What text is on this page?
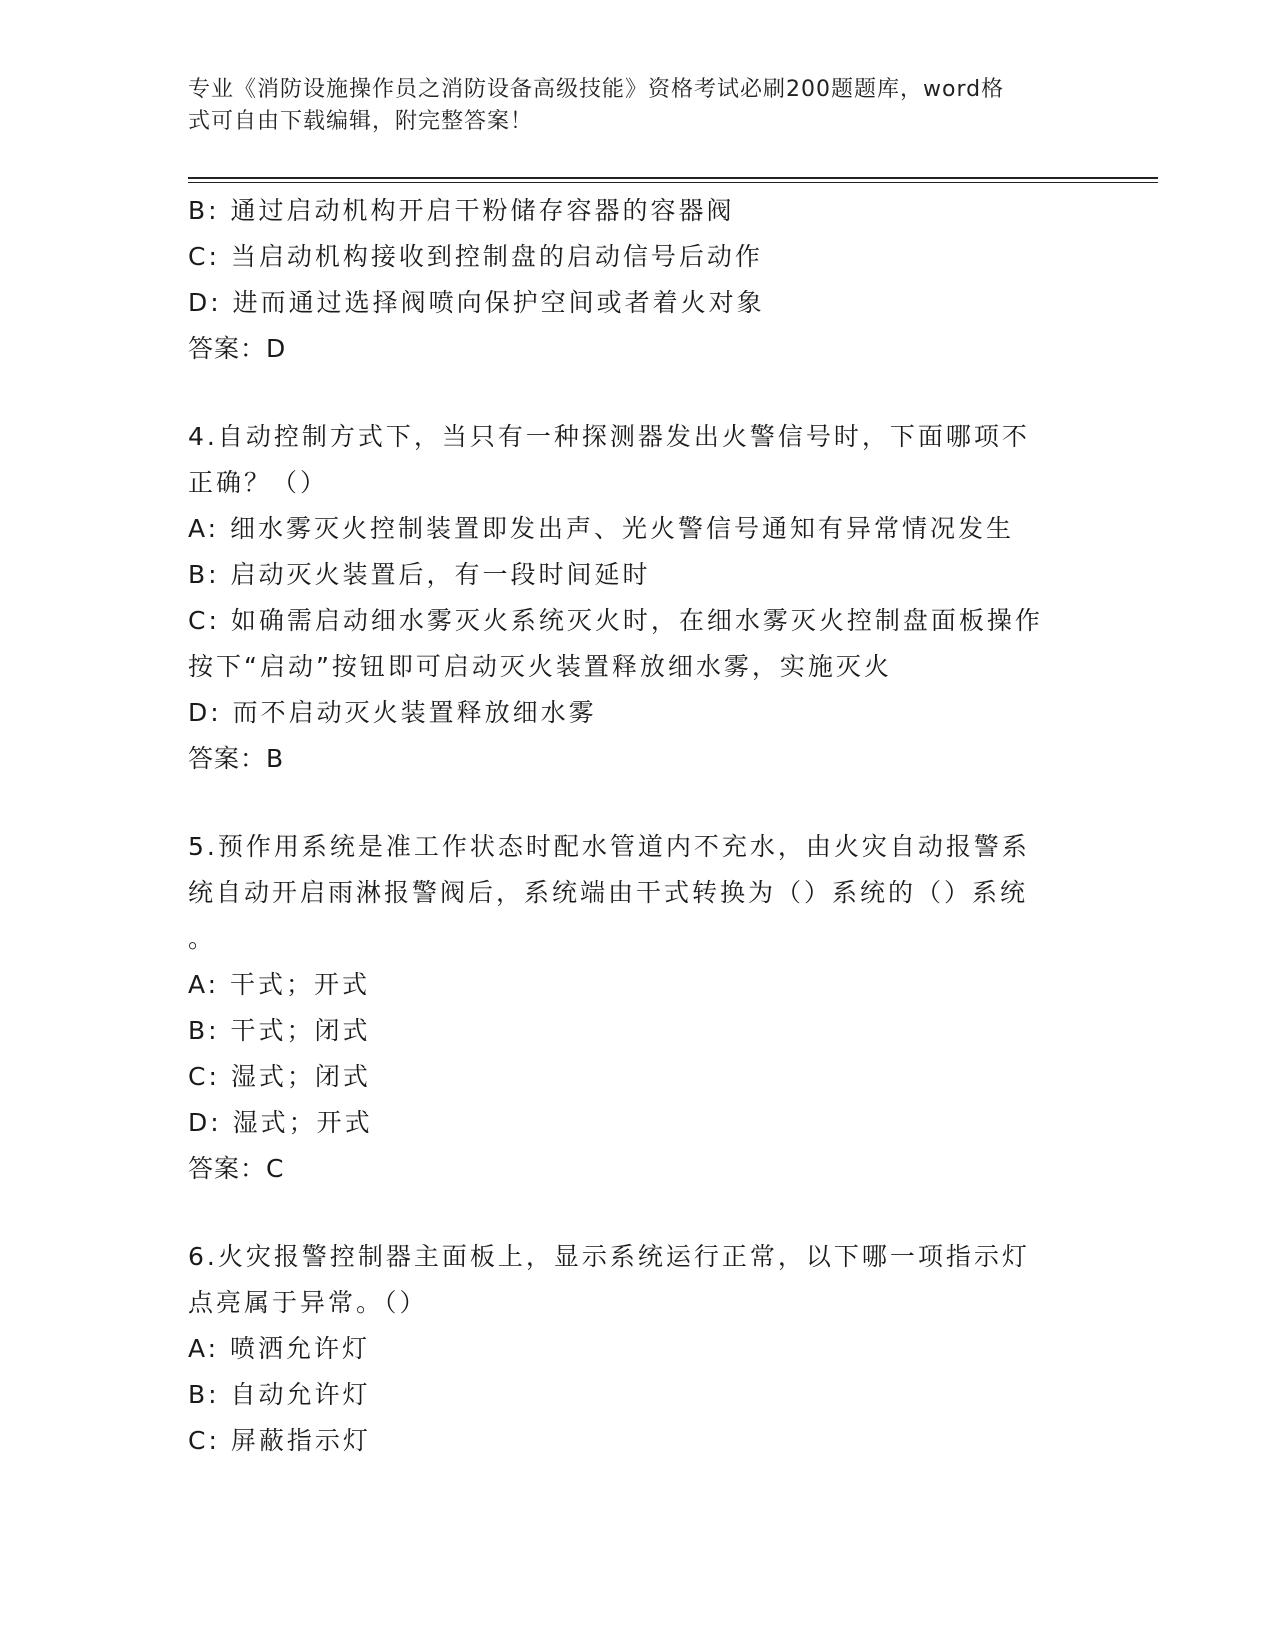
专业《消防设施操作员之消防设备高级技能》资格考试必刷200题题库，word格
式可自由下载编辑，附完整答案！
B: 通过启动机构开启干粉储存容器的容器阀
C: 当启动机构接收到控制盘的启动信号后动作
D: 进而通过选择阀喷向保护空间或者着火对象
答案：D
4.自动控制方式下，当只有一种探测器发出火警信号时，下面哪项不
正确？（）
A: 细水雾灭火控制装置即发出声、光火警信号通知有异常情况发生
B: 启动灭火装置后，有一段时间延时
C: 如确需启动细水雾灭火系统灭火时，在细水雾灭火控制盘面板操作
按下“启动”按钮即可启动灭火装置释放细水雾，实施灭火
D: 而不启动灭火装置释放细水雾
答案：B
5.预作用系统是准工作状态时配水管道内不充水，由火灾自动报警系
统自动开启雨淋报警阀后，系统端由干式转换为（）系统的（）系统
。
A: 干式；开式
B: 干式；闭式
C: 湿式；闭式
D: 湿式；开式
答案：C
6.火灾报警控制器主面板上，显示系统运行正常，以下哪一项指示灯
点亮属于异常。（）
A: 喷洒允许灯
B: 自动允许灯
C: 屏蔽指示灯
